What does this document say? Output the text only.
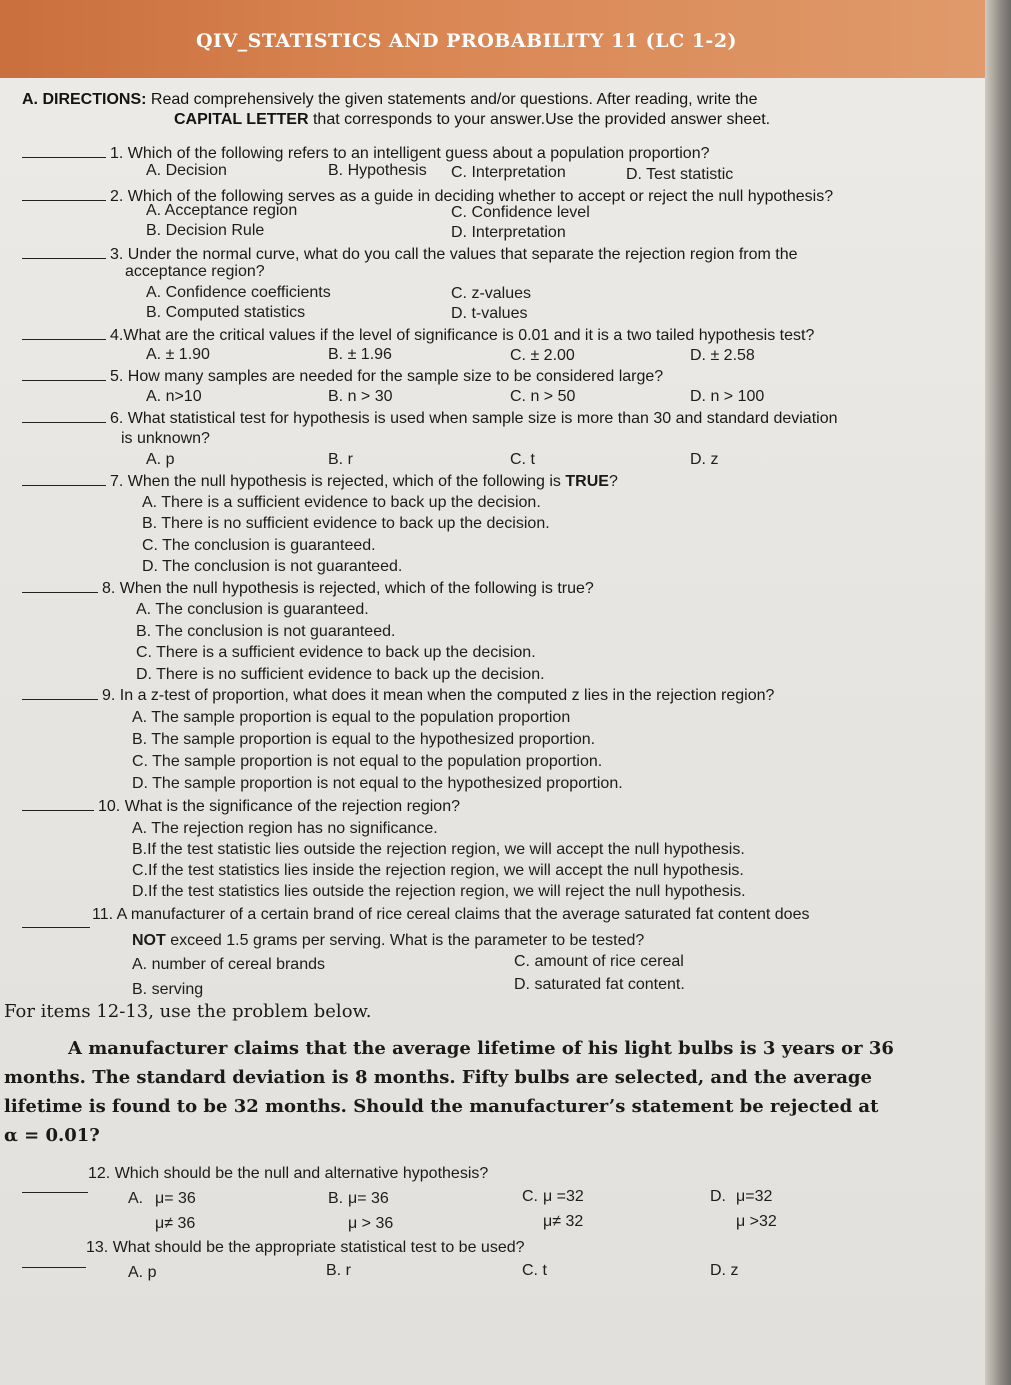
QIV_STATISTICS AND PROBABILITY 11 (LC 1-2)
A. DIRECTIONS: Read comprehensively the given statements and/or questions. After reading, write the
CAPITAL LETTER that corresponds to your answer.Use the provided answer sheet.
1. Which of the following refers to an intelligent guess about a population proportion?
A. Decision	B. Hypothesis C. Interpretation	D. Test statistic
2. Which of the following serves as a guide in deciding whether to accept or reject the null hypothesis?
A. Acceptance region	C. Confidence level
B. Decision Rule	D. Interpretation
3. Under the normal curve, what do you call the values that separate the rejection region from the
acceptance region?
A. Confidence coefficients	C. z-values
B. Computed statistics	D. t-values
4.What are the critical values if the level of significance is 0.01 and it is a two tailed hypothesis test?
A. ± 1.90	B. ± 1.96	C. ± 2.00	D. ± 2.58
5. How many samples are needed for the sample size to be considered large?
A. n>10	B. n > 30	C. n > 50	D. n > 100
6. What statistical test for hypothesis is used when sample size is more than 30 and standard deviation
is unknown?
A. p	B. r	C. t	D. z
7. When the null hypothesis is rejected, which of the following is TRUE?
A. There is a sufficient evidence to back up the decision.
B. There is no sufficient evidence to back up the decision.
C. The conclusion is guaranteed.
D. The conclusion is not guaranteed.
8. When the null hypothesis is rejected, which of the following is true?
A. The conclusion is guaranteed.
B. The conclusion is not guaranteed.
C. There is a sufficient evidence to back up the decision.
D. There is no sufficient evidence to back up the decision.
9. In a z-test of proportion, what does it mean when the computed z lies in the rejection region?
A. The sample proportion is equal to the population proportion
B. The sample proportion is equal to the hypothesized proportion.
C. The sample proportion is not equal to the population proportion.
D. The sample proportion is not equal to the hypothesized proportion.
10. What is the significance of the rejection region?
A. The rejection region has no significance.
B.If the test statistic lies outside the rejection region, we will accept the null hypothesis.
C.If the test statistics lies inside the rejection region, we will accept the null hypothesis.
D.If the test statistics lies outside the rejection region, we will reject the null hypothesis.
11. A manufacturer of a certain brand of rice cereal claims that the average saturated fat content does
NOT exceed 1.5 grams per serving. What is the parameter to be tested?
A. number of cereal brands	C. amount of rice cereal
B. serving	D. saturated fat content.
For items 12-13, use the problem below.
A manufacturer claims that the average lifetime of his light bulbs is 3 years or 36
months. The standard deviation is 8 months. Fifty bulbs are selected, and the average
lifetime is found to be 32 months. Should the manufacturer’s statement be rejected at
α = 0.01?
12. Which should be the null and alternative hypothesis?
A. μ= 36
μ≠ 36
B. μ= 36
μ > 36
C. μ =32
μ≠ 32
D. μ=32
μ >32
13. What should be the appropriate statistical test to be used?
A. p	B. r	C. t	D. z
